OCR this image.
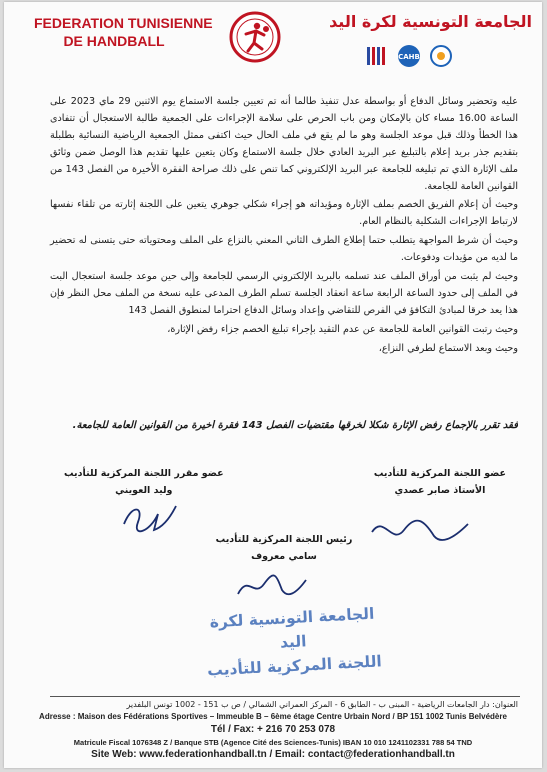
FEDERATION TUNISIENNE
DE HANDBALL
الجامعة التونسية لكرة اليد
CAHB

عليه وتحضير وسائل الدفاع أو بواسطة عدل تنفيذ طالما أنه تم تعيين جلسة الاستماع يوم الاثنين 29 ماي 2023 على الساعة 16.00 مساء كان بالإمكان ومن باب الحرص على سلامة الإجراءات على الجمعية طالبة الاستعجال أن تتفادى هذا الخطأ وذلك قبل موعد الجلسة وهو ما لم يقع في ملف الحال حيث اكتفى ممثل الجمعية الرياضية النسائية بطلبلة بتقديم جذر بريد إعلام بالتبليغ عبر البريد العادي خلال جلسة الاستماع وكان يتعين عليها تقديم هذا الوصل ضمن وثائق ملف الإثارة الذي تم تبليغه للجامعة عبر البريد الإلكتروني كما تنص على ذلك صراحة الفقرة الأخيرة من الفصل 143 من القوانين العامة للجامعة.

وحيث أن إعلام الفريق الخصم بملف الإثارة ومؤيداته هو إجراء شكلي جوهري يتعين على اللجنة إثارته من تلقاء نفسها لارتباط الإجراءات الشكلية بالنظام العام.

وحيث أن شرط المواجهة يتطلب حتما إطلاع الطرف الثاني المعني بالنزاع على الملف ومحتوياته حتى يتسنى له تحضير ما لديه من مؤيدات ودفوعات.

وحيث لم يثبت من أوراق الملف عند تسلمه بالبريد الإلكتروني الرسمي للجامعة وإلى حين موعد جلسة استعجال البت في الملف إلى حدود الساعة الرابعة ساعة انعقاد الجلسة تسلم الطرف المدعى عليه نسخة من الملف محل النظر فإن هذا يعد خرقا لمبادئ التكافؤ في الفرص للتقاضي وإعداد وسائل الدفاع احتراما لمنطوق الفصل 143

وحيث رتبت القوانين العامة للجامعة عن عدم التقيد بإجراء تبليغ الخصم جزاء رفض الإثارة،

وحيث وبعد الاستماع لطرفي النزاع،

فقد تقرر بالإجماع رفض الإثارة شكلا لخرقها مقتضيات الفصل 143 فقرة أخيرة من القوانين العامة للجامعة.
عضو اللجنة المركزية للتأديب
الأستاذ صابر عصدي
عضو مقرر اللجنة المركزية للتأديب
وليد العويني
رئيس اللجنة المركزية للتأديب
سامي معروف
الجامعة التونسية لكرة اليد
اللجنة المركزية للتأديب
العنوان: دار الجامعات الرياضية - المبنى ب - الطابق 6 - المركز العمراني الشمالي / ص ب 151 - 1002 تونس البلفدير
Adresse : Maison des Fédérations Sportives – Immeuble B – 6ème étage Centre Urbain Nord / BP 151 1002 Tunis Belvédère
Tél / Fax: + 216 70 253 078
Matricule Fiscal 1076348 Z / Banque STB (Agence Cité des Sciences-Tunis) IBAN 10 010 1241102331 788 54 TND
Site Web: www.federationhandball.tn / Email: contact@federationhandball.tn
